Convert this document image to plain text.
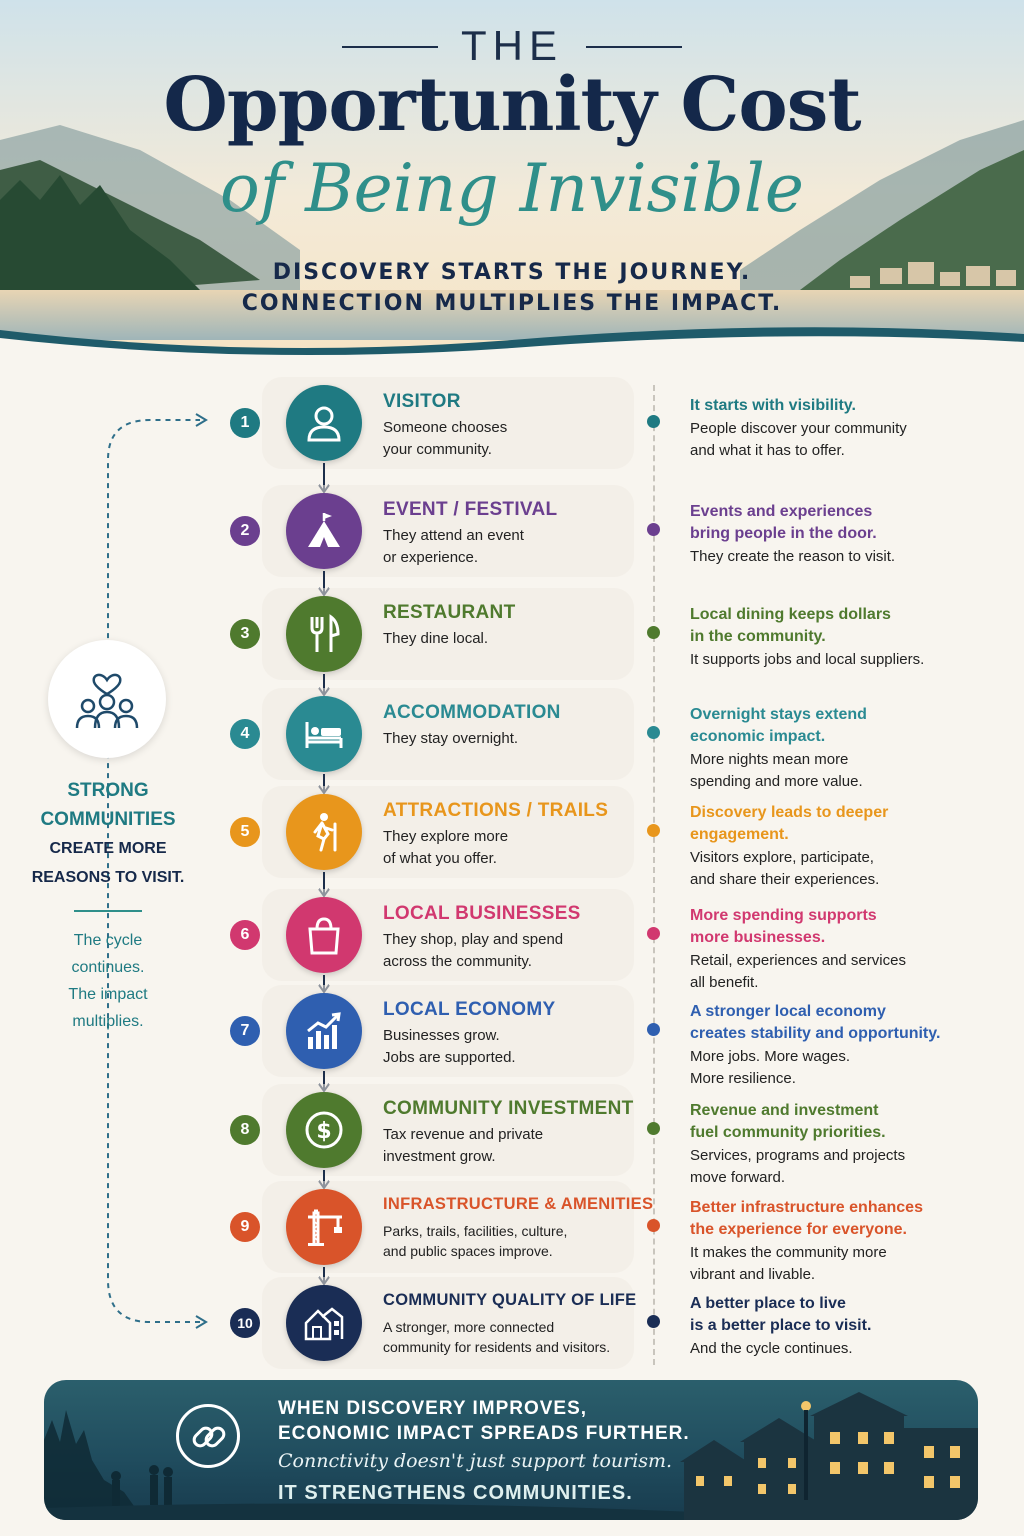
THE
Opportunity Cost
of Being Invisible
DISCOVERY STARTS THE JOURNEY.
CONNECTION MULTIPLIES THE IMPACT.
STRONG
COMMUNITIES
CREATE MORE
REASONS TO VISIT.
The cycle
continues.
The impact
multiplies.
1
VISITOR
Someone chooses
your community.
It starts with visibility.
People discover your community
and what it has to offer.
2
EVENT / FESTIVAL
They attend an event
or experience.
Events and experiences
bring people in the door.
They create the reason to visit.
3
RESTAURANT
They dine local.
Local dining keeps dollars
in the community.
It supports jobs and local suppliers.
4
ACCOMMODATION
They stay overnight.
Overnight stays extend
economic impact.
More nights mean more
spending and more value.
5
ATTRACTIONS / TRAILS
They explore more
of what you offer.
Discovery leads to deeper
engagement.
Visitors explore, participate,
and share their experiences.
6
LOCAL BUSINESSES
They shop, play and spend
across the community.
More spending supports
more businesses.
Retail, experiences and services
all benefit.
7
LOCAL ECONOMY
Businesses grow.
Jobs are supported.
A stronger local economy
creates stability and opportunity.
More jobs. More wages.
More resilience.
8	$
COMMUNITY INVESTMENT
Tax revenue and private
investment grow.
Revenue and investment
fuel community priorities.
Services, programs and projects
move forward.
9
INFRASTRUCTURE & AMENITIES
Parks, trails, facilities, culture,
and public spaces improve.
Better infrastructure enhances
the experience for everyone.
It makes the community more
vibrant and livable.
10
COMMUNITY QUALITY OF LIFE
A stronger, more connected
community for residents and visitors.
A better place to live
is a better place to visit.
And the cycle continues.
WHEN DISCOVERY IMPROVES,
ECONOMIC IMPACT SPREADS FURTHER.
Connctivity doesn't just support tourism.
IT STRENGTHENS COMMUNITIES.
